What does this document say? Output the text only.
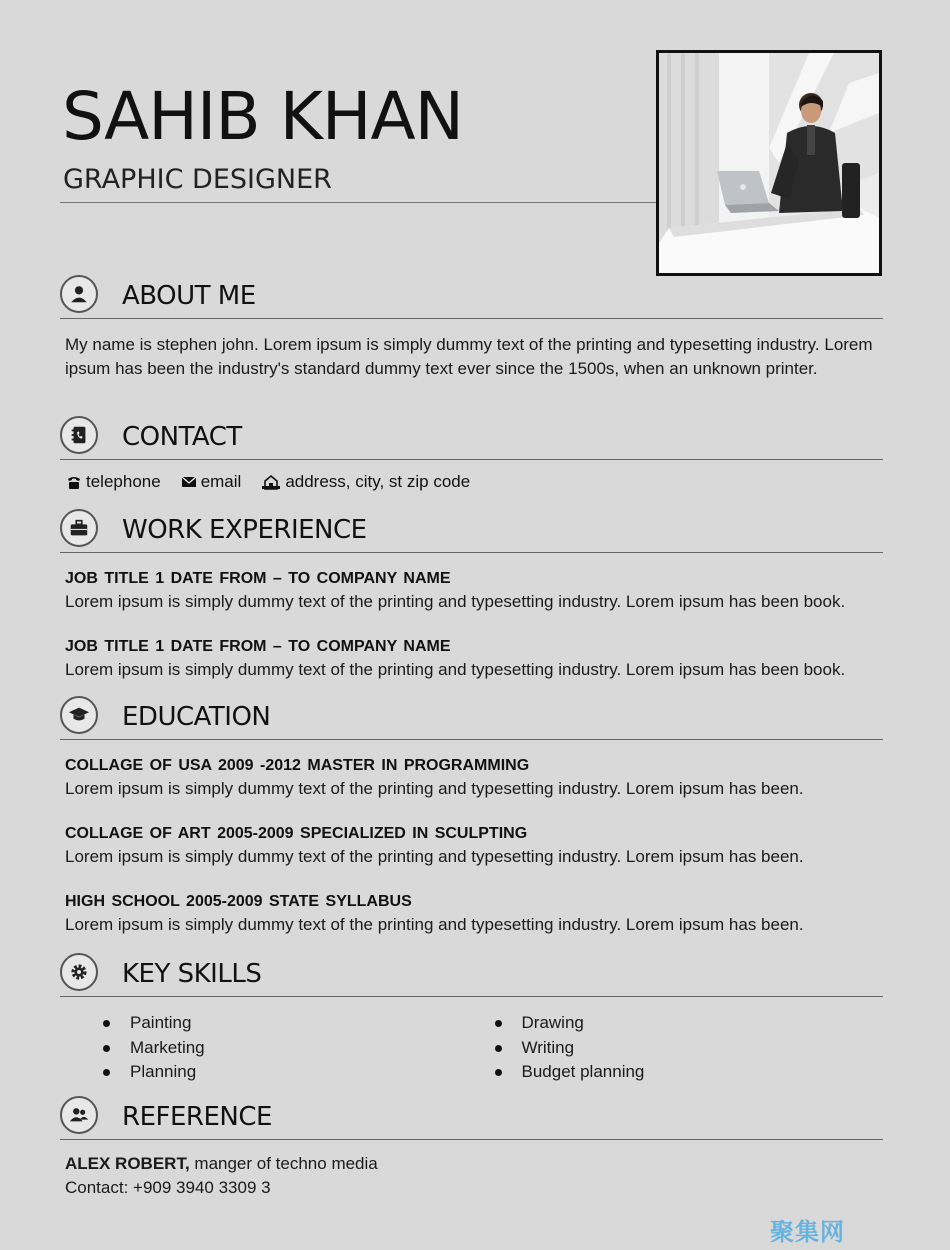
SAHIB KHAN
GRAPHIC DESIGNER
ABOUT ME

My name is stephen john. Lorem ipsum is simply dummy text of the printing and typesetting industry. Lorem ipsum has been the industry's standard dummy text ever since the 1500s, when an unknown printer.

CONTACT
telephone email	address, city, st zip code
WORK EXPERIENCE
JOB TITLE 1 DATE FROM – TO COMPANY NAME
Lorem ipsum is simply dummy text of the printing and typesetting industry. Lorem ipsum has been book.
JOB TITLE 1 DATE FROM – TO COMPANY NAME
Lorem ipsum is simply dummy text of the printing and typesetting industry. Lorem ipsum has been book.
EDUCATION
COLLAGE OF USA 2009 -2012 MASTER IN PROGRAMMING
Lorem ipsum is simply dummy text of the printing and typesetting industry. Lorem ipsum has been.
COLLAGE OF ART 2005-2009 SPECIALIZED IN SCULPTING
Lorem ipsum is simply dummy text of the printing and typesetting industry. Lorem ipsum has been.
HIGH SCHOOL 2005-2009 STATE SYLLABUS
Lorem ipsum is simply dummy text of the printing and typesetting industry. Lorem ipsum has been.
KEY SKILLS
Painting
Marketing
Planning
Drawing
Writing
Budget planning
REFERENCE
ALEX ROBERT, manger of techno media
Contact: +909 3940 3309 3
聚集网
